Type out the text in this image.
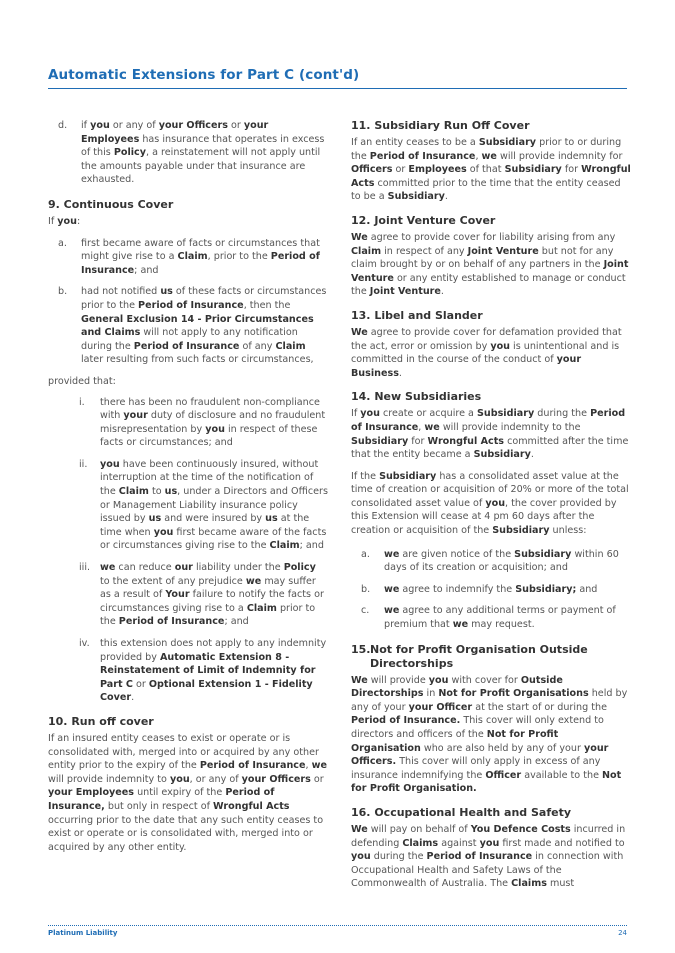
Automatic Extensions for Part C (cont'd)
d. if you or any of your Officers or your Employees has insurance that operates in excess of this Policy, a reinstatement will not apply until the amounts payable under that insurance are exhausted.
9. Continuous Cover

If you:

a. first became aware of facts or circumstances that might give rise to a Claim, prior to the Period of Insurance; and
b. had not notified us of these facts or circumstances prior to the Period of Insurance, then the General Exclusion 14 - Prior Circumstances and Claims will not apply to any notification during the Period of Insurance of any Claim later resulting from such facts or circumstances,

provided that:

i. there has been no fraudulent non-compliance with your duty of disclosure and no fraudulent misrepresentation by you in respect of these facts or circumstances; and
ii. you have been continuously insured, without interruption at the time of the notification of the Claim to us, under a Directors and Officers or Management Liability insurance policy issued by us and were insured by us at the time when you first became aware of the facts or circumstances giving rise to the Claim; and
iii. we can reduce our liability under the Policy to the extent of any prejudice we may suffer as a result of Your failure to notify the facts or circumstances giving rise to a Claim prior to the Period of Insurance; and
iv. this extension does not apply to any indemnity provided by Automatic Extension 8 - Reinstatement of Limit of Indemnity for Part C or Optional Extension 1 - Fidelity Cover.
10. Run off cover

If an insured entity ceases to exist or operate or is consolidated with, merged into or acquired by any other entity prior to the expiry of the Period of Insurance, we will provide indemnity to you, or any of your Officers or your Employees until expiry of the Period of Insurance, but only in respect of Wrongful Acts occurring prior to the date that any such entity ceases to exist or operate or is consolidated with, merged into or acquired by any other entity.

11. Subsidiary Run Off Cover

If an entity ceases to be a Subsidiary prior to or during the Period of Insurance, we will provide indemnity for Officers or Employees of that Subsidiary for Wrongful Acts committed prior to the time that the entity ceased to be a Subsidiary.

12. Joint Venture Cover

We agree to provide cover for liability arising from any Claim in respect of any Joint Venture but not for any claim brought by or on behalf of any partners in the Joint Venture or any entity established to manage or conduct the Joint Venture.

13. Libel and Slander

We agree to provide cover for defamation provided that the act, error or omission by you is unintentional and is committed in the course of the conduct of your Business.

14. New Subsidiaries

If you create or acquire a Subsidiary during the Period of Insurance, we will provide indemnity to the Subsidiary for Wrongful Acts committed after the time that the entity became a Subsidiary.

If the Subsidiary has a consolidated asset value at the time of creation or acquisition of 20% or more of the total consolidated asset value of you, the cover provided by this Extension will cease at 4 pm 60 days after the creation or acquisition of the Subsidiary unless:

a. we are given notice of the Subsidiary within 60 days of its creation or acquisition; and
b. we agree to indemnify the Subsidiary; and
c. we agree to any additional terms or payment of premium that we may request.
15. Not for Profit Organisation Outside Directorships

We will provide you with cover for Outside Directorships in Not for Profit Organisations held by any of your your Officer at the start of or during the Period of Insurance. This cover will only extend to directors and officers of the Not for Profit Organisation who are also held by any of your your Officers. This cover will only apply in excess of any insurance indemnifying the Officer available to the Not for Profit Organisation.

16. Occupational Health and Safety

We will pay on behalf of You Defence Costs incurred in defending Claims against you first made and notified to you during the Period of Insurance in connection with Occupational Health and Safety Laws of the Commonwealth of Australia. The Claims must

Platinum Liability	24
